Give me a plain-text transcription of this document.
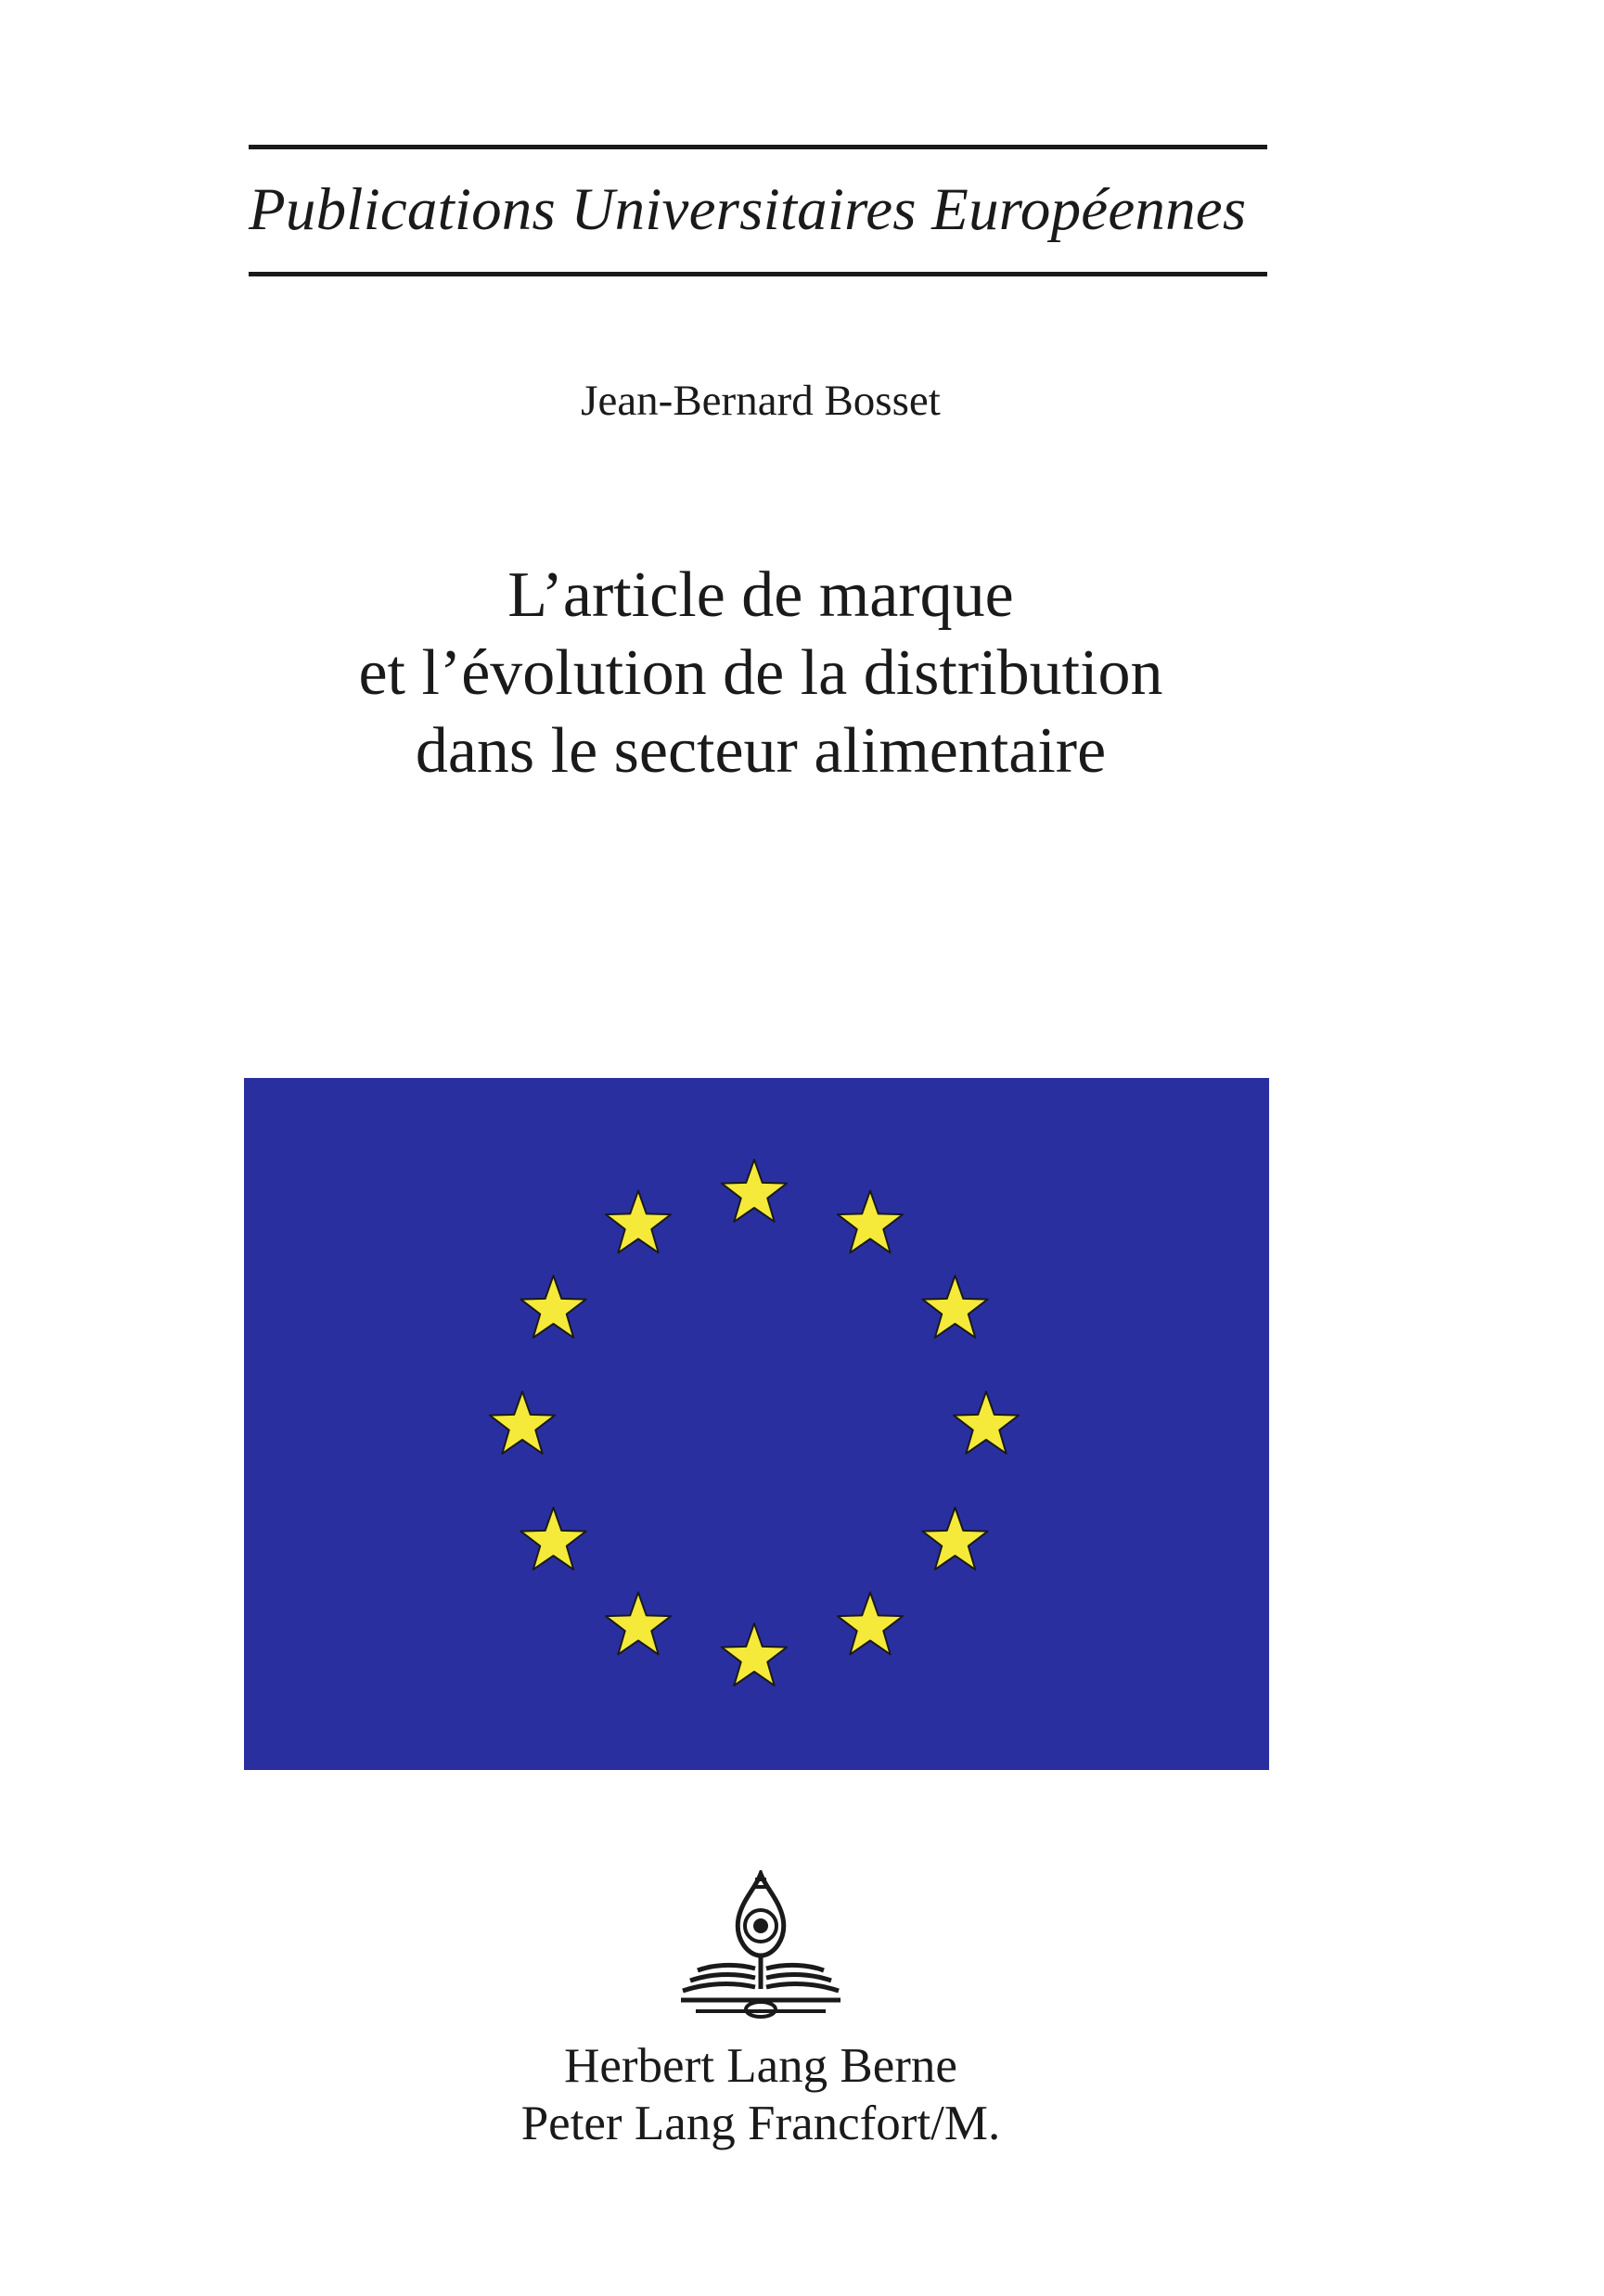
Publications Universitaires Européennes
Jean-Bernard Bosset
L’article de marque
et l’évolution de la distribution
dans le secteur alimentaire
Herbert Lang Berne
Peter Lang Francfort/M.
